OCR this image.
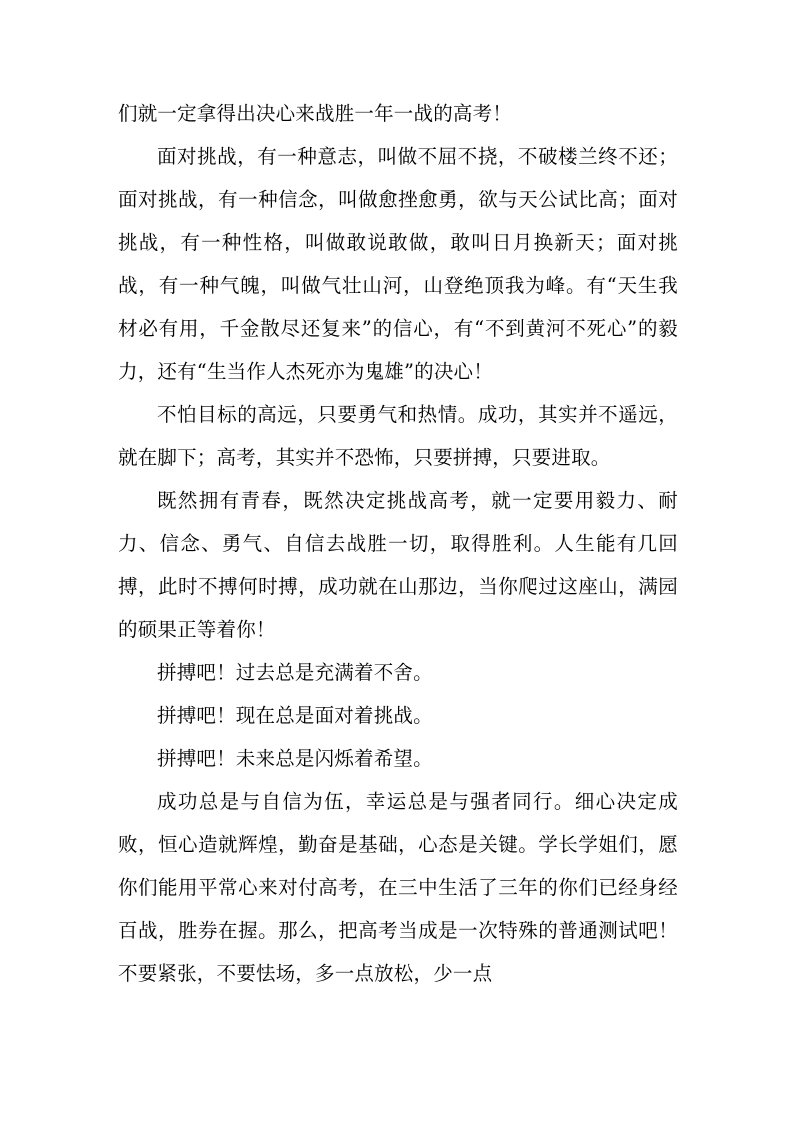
们就一定拿得出决心来战胜一年一战的高考！

面对挑战，有一种意志，叫做不屈不挠，不破楼兰终不还；面对挑战，有一种信念，叫做愈挫愈勇，欲与天公试比高；面对挑战，有一种性格，叫做敢说敢做，敢叫日月换新天；面对挑战，有一种气魄，叫做气壮山河，山登绝顶我为峰。有“天生我材必有用，千金散尽还复来”的信心，有“不到黄河不死心”的毅力，还有“生当作人杰死亦为鬼雄”的决心！

不怕目标的高远，只要勇气和热情。成功，其实并不遥远，就在脚下；高考，其实并不恐怖，只要拼搏，只要进取。

既然拥有青春，既然决定挑战高考，就一定要用毅力、耐力、信念、勇气、自信去战胜一切，取得胜利。人生能有几回搏，此时不搏何时搏，成功就在山那边，当你爬过这座山，满园的硕果正等着你！

拼搏吧！过去总是充满着不舍。

拼搏吧！现在总是面对着挑战。

拼搏吧！未来总是闪烁着希望。

成功总是与自信为伍，幸运总是与强者同行。细心决定成败，恒心造就辉煌，勤奋是基础，心态是关键。学长学姐们，愿你们能用平常心来对付高考，在三中生活了三年的你们已经身经百战，胜券在握。那么，把高考当成是一次特殊的普通测试吧！不要紧张，不要怯场，多一点放松，少一点
